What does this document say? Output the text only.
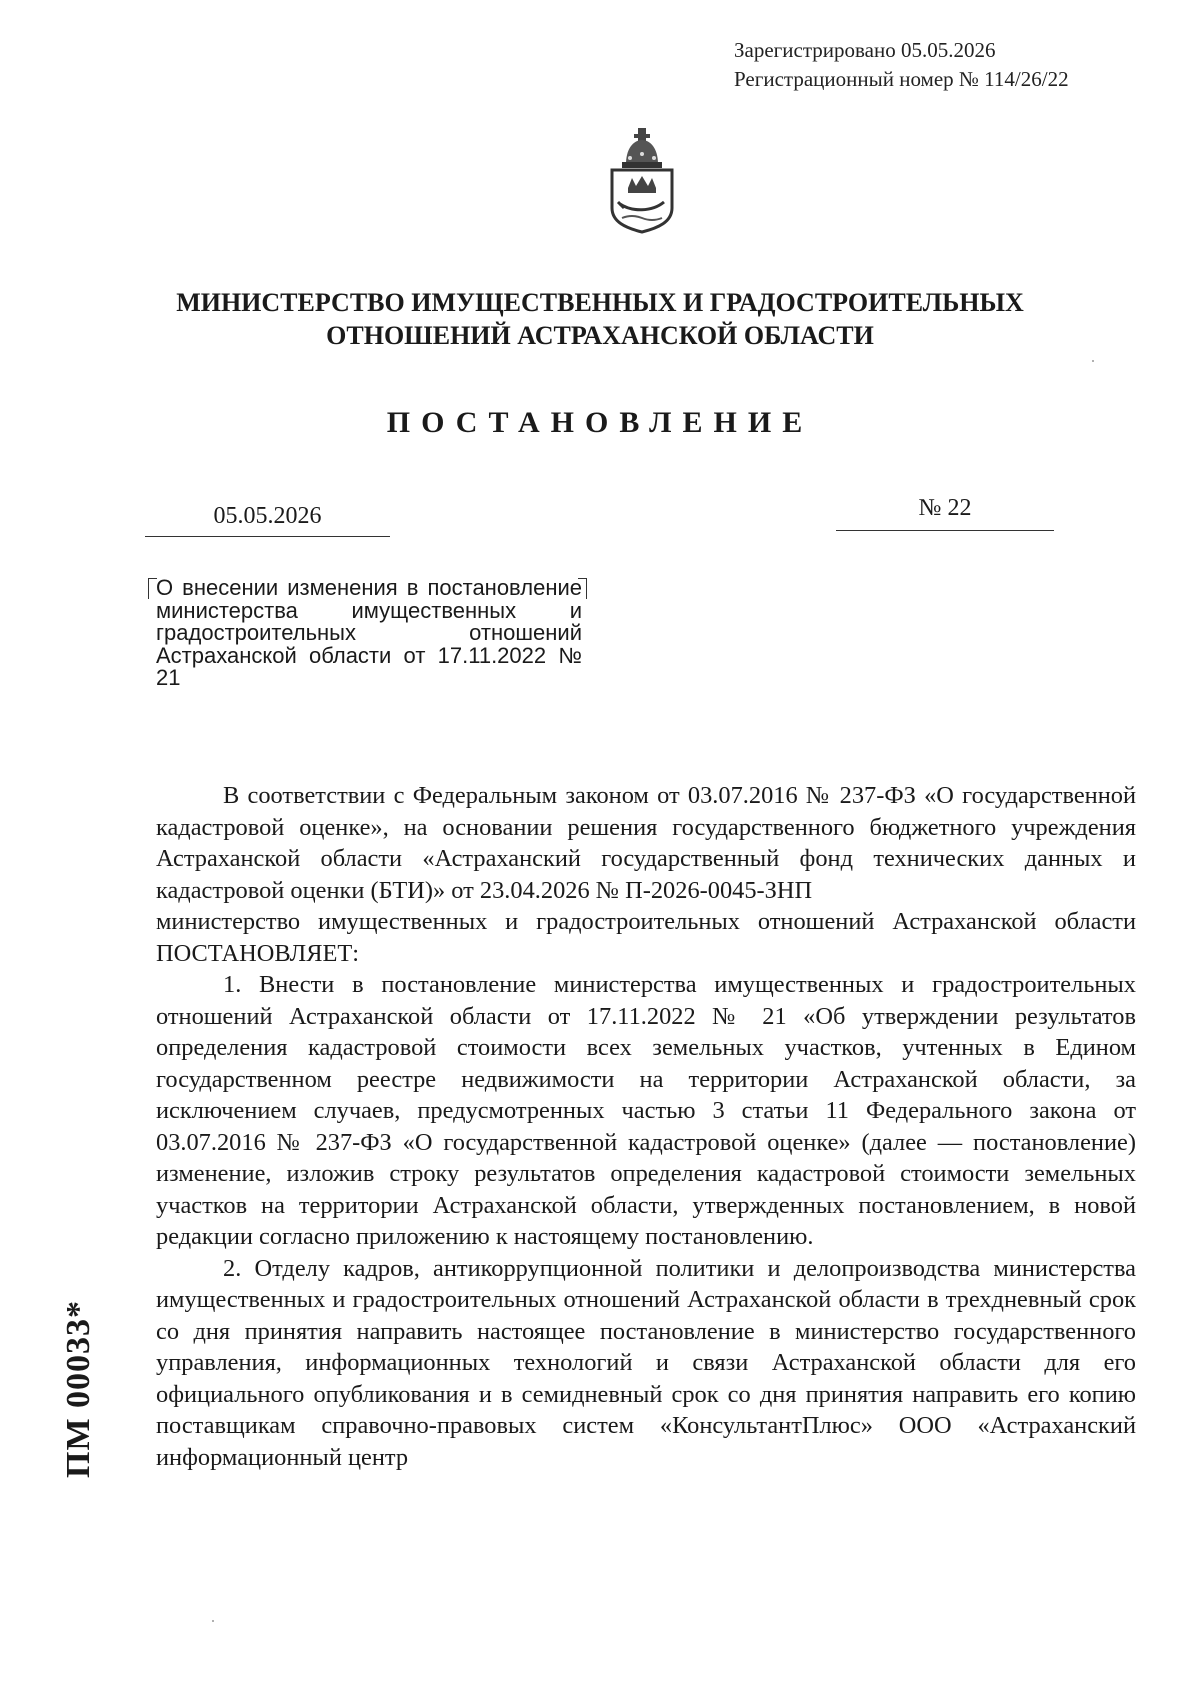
Зарегистрировано 05.05.2026
Регистрационный номер № 114/26/22
МИНИСТЕРСТВО ИМУЩЕСТВЕННЫХ И ГРАДОСТРОИТЕЛЬНЫХ
ОТНОШЕНИЙ АСТРАХАНСКОЙ ОБЛАСТИ
ПОСТАНОВЛЕНИЕ
05.05.2026	№ 22
О внесении изменения в постановление министерства имущественных и градостроительных отношений Астраханской области от 17.11.2022 № 21

В соответствии с Федеральным законом от 03.07.2016 № 237-ФЗ «О государственной кадастровой оценке», на основании решения государственного бюджетного учреждения Астраханской области «Астраханский государственный фонд технических данных и кадастровой оценки (БТИ)» от 23.04.2026 № П-2026-0045-ЗНП

министерство имущественных и градостроительных отношений Астраханской области ПОСТАНОВЛЯЕТ:

1. Внести в постановление министерства имущественных и градостроительных отношений Астраханской области от 17.11.2022 № 21 «Об утверждении результатов определения кадастровой стоимости всех земельных участков, учтенных в Едином государственном реестре недвижимости на территории Астраханской области, за исключением случаев, предусмотренных частью 3 статьи 11 Федерального закона от 03.07.2016 № 237-ФЗ «О государственной кадастровой оценке» (далее — постановление) изменение, изложив строку результатов определения кадастровой стоимости земельных участков на территории Астраханской области, утвержденных постановлением, в новой редакции согласно приложению к настоящему постановлению.

2. Отделу кадров, антикоррупционной политики и делопроизводства министерства имущественных и градостроительных отношений Астраханской области в трехдневный срок со дня принятия направить настоящее постановление в министерство государственного управления, информационных технологий и связи Астраханской области для его официального опубликования и в семидневный срок со дня принятия направить его копию поставщикам справочно-правовых систем «КонсультантПлюс» ООО «Астраханский информационный центр

ПМ 00033*
